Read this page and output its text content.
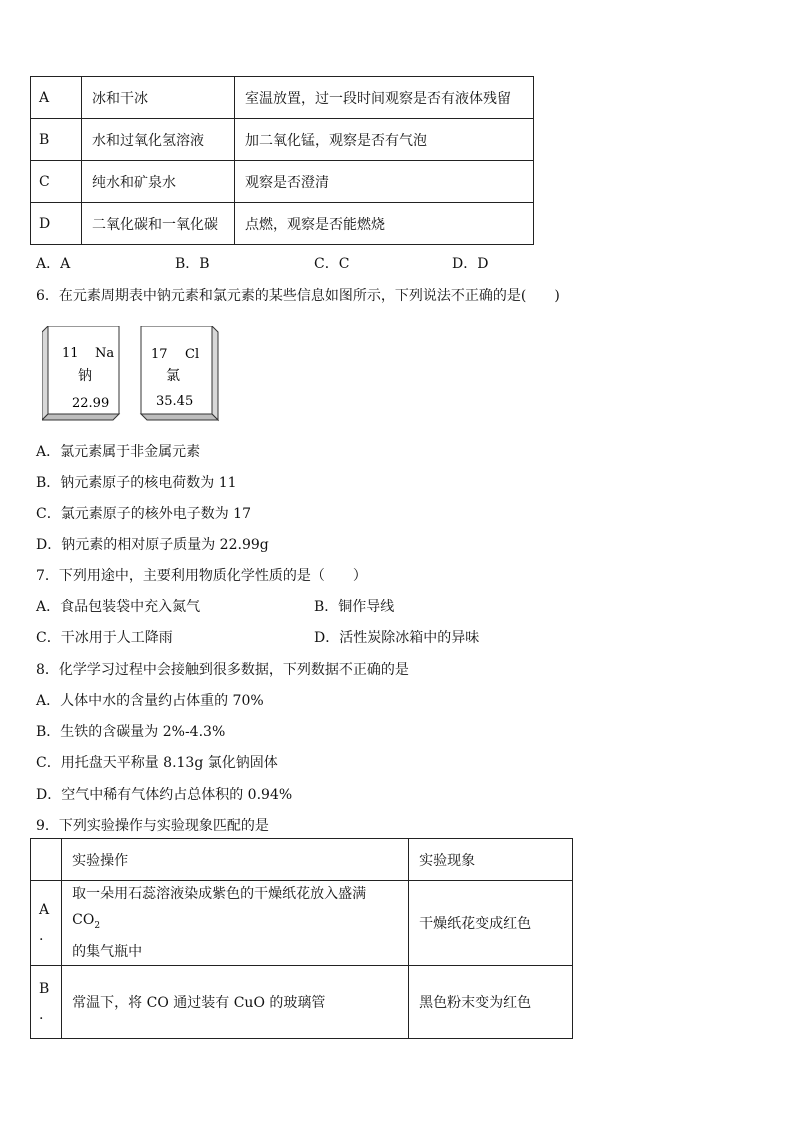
A	冰和干冰	室温放置，过一段时间观察是否有液体残留
B	水和过氧化氢溶液	加二氧化锰，观察是否有气泡
C	纯水和矿泉水	观察是否澄清
D	二氧化碳和一氧化碳	点燃，观察是否能燃烧
A．A	B．B	C．C	D．D
6．在元素周期表中钠元素和氯元素的某些信息如图所示，下列说法不正确的是(　　)
11 Na
钠
22.99
17 Cl
氯
35.45
A．氯元素属于非金属元素
B．钠元素原子的核电荷数为 11
C．氯元素原子的核外电子数为 17
D．钠元素的相对原子质量为 22.99g
7．下列用途中，主要利用物质化学性质的是（　　）
A．食品包装袋中充入氮气	B．铜作导线
C．干冰用于人工降雨	D．活性炭除冰箱中的异味
8．化学学习过程中会接触到很多数据，下列数据不正确的是
A．人体中水的含量约占体重的 70%
B．生铁的含碳量为 2%-4.3%
C．用托盘天平称量 8.13g 氯化钠固体
D．空气中稀有气体约占总体积的 0.94%
9．下列实验操作与实验现象匹配的是
	实验操作	实验现象

A
.	取一朵用石蕊溶液染成紫色的干燥纸花放入盛满 $CO_2$
的集气瓶中	干燥纸花变成红色

B
.	常温下，将 CO 通过装有 CuO 的玻璃管	黑色粉末变为红色
